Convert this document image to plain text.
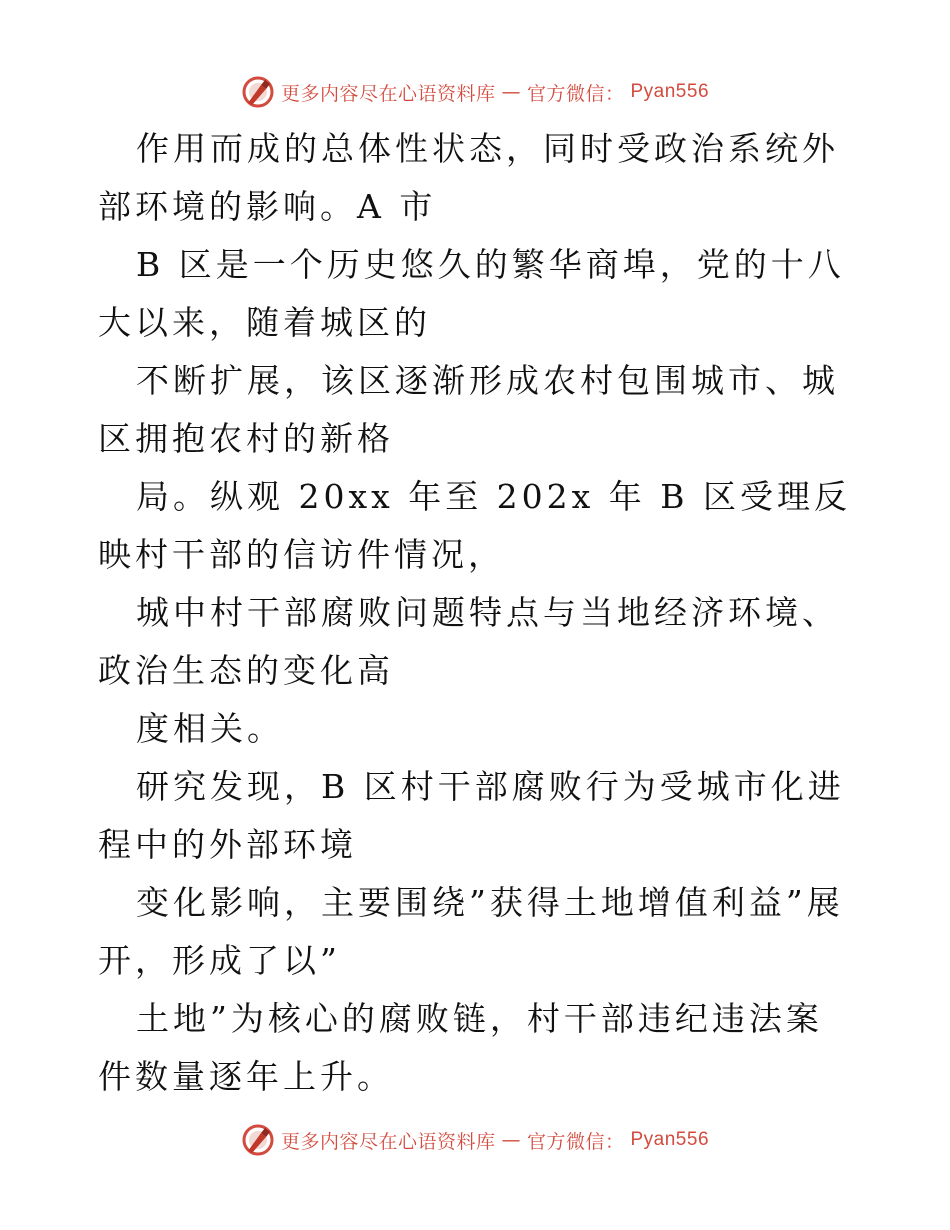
更多内容尽在心语资料库 — 官方微信： Pyan556

作用而成的总体性状态，同时受政治系统外部环境的影响。A 市

B 区是一个历史悠久的繁华商埠，党的十八大以来，随着城区的

不断扩展，该区逐渐形成农村包围城市、城区拥抱农村的新格

局。纵观 20xx 年至 202x 年 B 区受理反映村干部的信访件情况，

城中村干部腐败问题特点与当地经济环境、政治生态的变化高

度相关。

研究发现，B 区村干部腐败行为受城市化进程中的外部环境

变化影响，主要围绕”获得土地增值利益”展开，形成了以”

土地”为核心的腐败链，村干部违纪违法案件数量逐年上升。

更多内容尽在心语资料库 — 官方微信： Pyan556
